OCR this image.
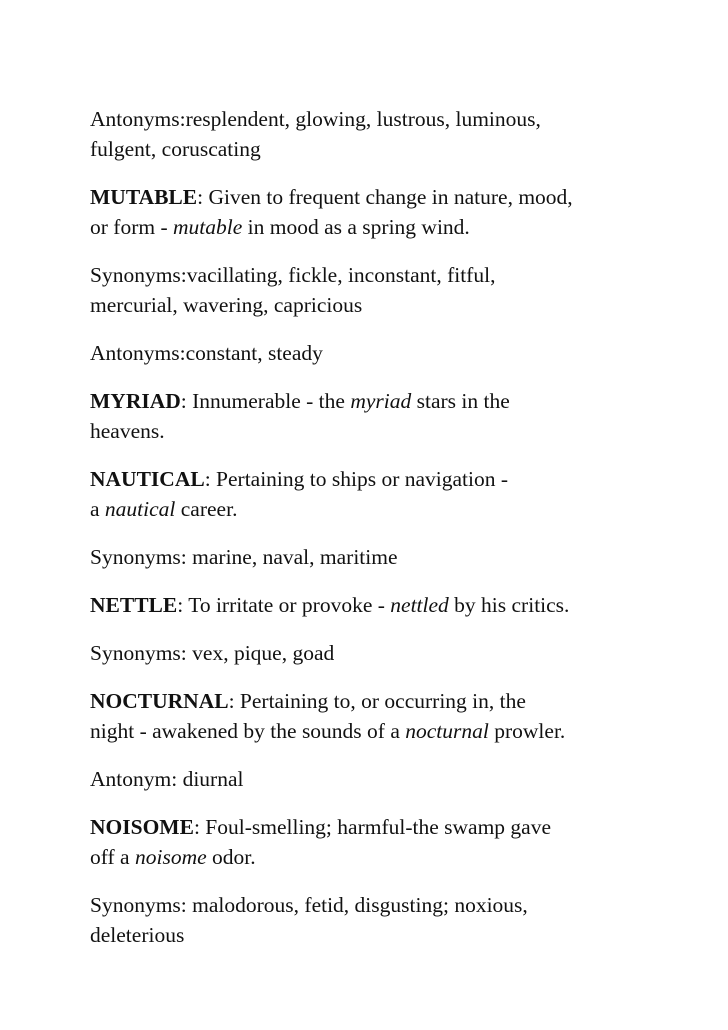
Antonyms:resplendent, glowing, lustrous, luminous,
fulgent, coruscating

MUTABLE: Given to frequent change in nature, mood,
or form - mutable in mood as a spring wind.

Synonyms:vacillating, fickle, inconstant, fitful,
mercurial, wavering, capricious

Antonyms:constant, steady

MYRIAD: Innumerable - the myriad stars in the
heavens.

NAUTICAL: Pertaining to ships or navigation -
a nautical career.

Synonyms: marine, naval, maritime

NETTLE: To irritate or provoke - nettled by his critics.

Synonyms: vex, pique, goad

NOCTURNAL: Pertaining to, or occurring in, the
night - awakened by the sounds of a nocturnal prowler.

Antonym: diurnal

NOISOME: Foul-smelling; harmful-the swamp gave
off a noisome odor.

Synonyms: malodorous, fetid, disgusting; noxious,
deleterious
